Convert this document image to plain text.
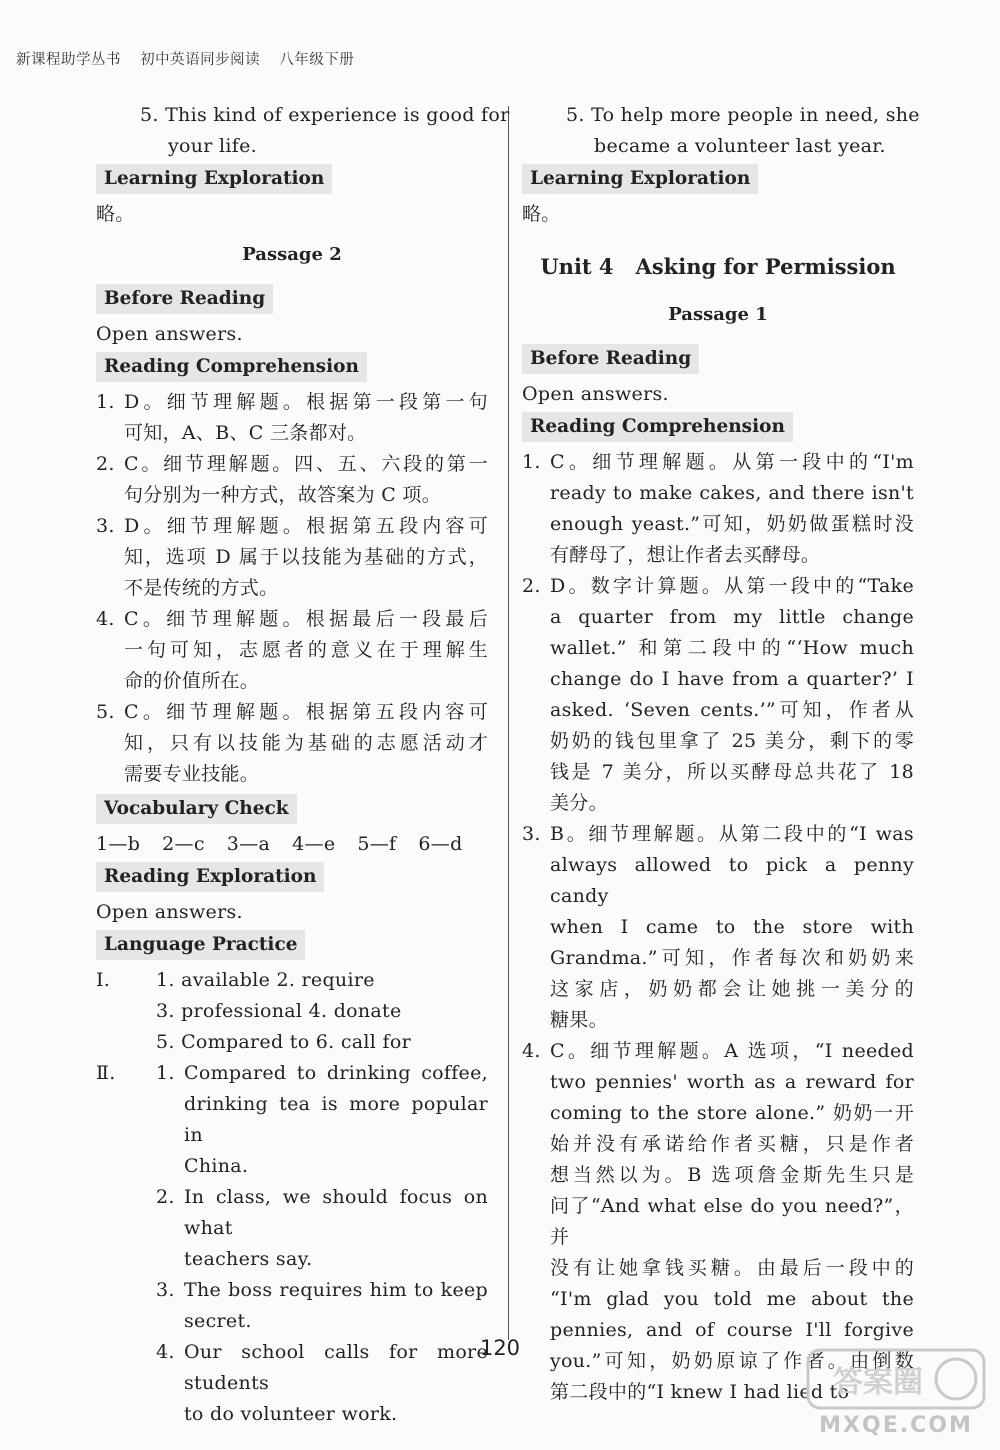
新课程助学丛书 初中英语同步阅读 八年级下册

5. This kind of experience is good for

your life.

Learning Exploration

略。

Passage 2
Before Reading

Open answers.

Reading Comprehension
1. D。细节理解题。根据第一段第一句

可知，A、B、C 三条都对。

2. C。细节理解题。四、五、六段的第一

句分别为一种方式，故答案为 C 项。

3. D。细节理解题。根据第五段内容可

知，选项 D 属于以技能为基础的方式，

不是传统的方式。

4. C。细节理解题。根据最后一段最后

一句可知，志愿者的意义在于理解生

命的价值所在。

5. C。细节理解题。根据第五段内容可

知，只有以技能为基础的志愿活动才

需要专业技能。

Vocabulary Check

1—b 2—c 3—a 4—e 5—f 6—d

Reading Exploration

Open answers.

Language Practice
Ⅰ.	1. available 2. require

3. professional 4. donate

5. Compared to 6. call for

Ⅱ.	1. Compared to drinking coffee,

drinking tea is more popular in

China.

2. In class, we should focus on what

teachers say.

3. The boss requires him to keep

secret.

4. Our school calls for more students

to do volunteer work.

5. To help more people in need, she

became a volunteer last year.

Learning Exploration

略。

Unit 4 Asking for Permission
Passage 1
Before Reading

Open answers.

Reading Comprehension
1. C。细节理解题。从第一段中的“I'm

ready to make cakes, and there isn't

enough yeast.”可知，奶奶做蛋糕时没

有酵母了，想让作者去买酵母。

2. D。数字计算题。从第一段中的“Take

a quarter from my little change

wallet.” 和第二段中的“‘How much

change do I have from a quarter?’ I

asked. ‘Seven cents.’”可知，作者从

奶奶的钱包里拿了 25 美分，剩下的零

钱是 7 美分，所以买酵母总共花了 18

美分。

3. B。细节理解题。从第二段中的“I was

always allowed to pick a penny candy

when I came to the store with

Grandma.”可知，作者每次和奶奶来

这家店，奶奶都会让她挑一美分的

糖果。

4. C。细节理解题。A 选项，“I needed

two pennies' worth as a reward for

coming to the store alone.” 奶奶一开

始并没有承诺给作者买糖，只是作者

想当然以为。B 选项詹金斯先生只是

问了“And what else do you need?”，并

没有让她拿钱买糖。由最后一段中的

“I'm glad you told me about the

pennies, and of course I'll forgive

you.”可知，奶奶原谅了作者。由倒数

第二段中的“I knew I had lied to

120
答案圈
MXQE.COM
